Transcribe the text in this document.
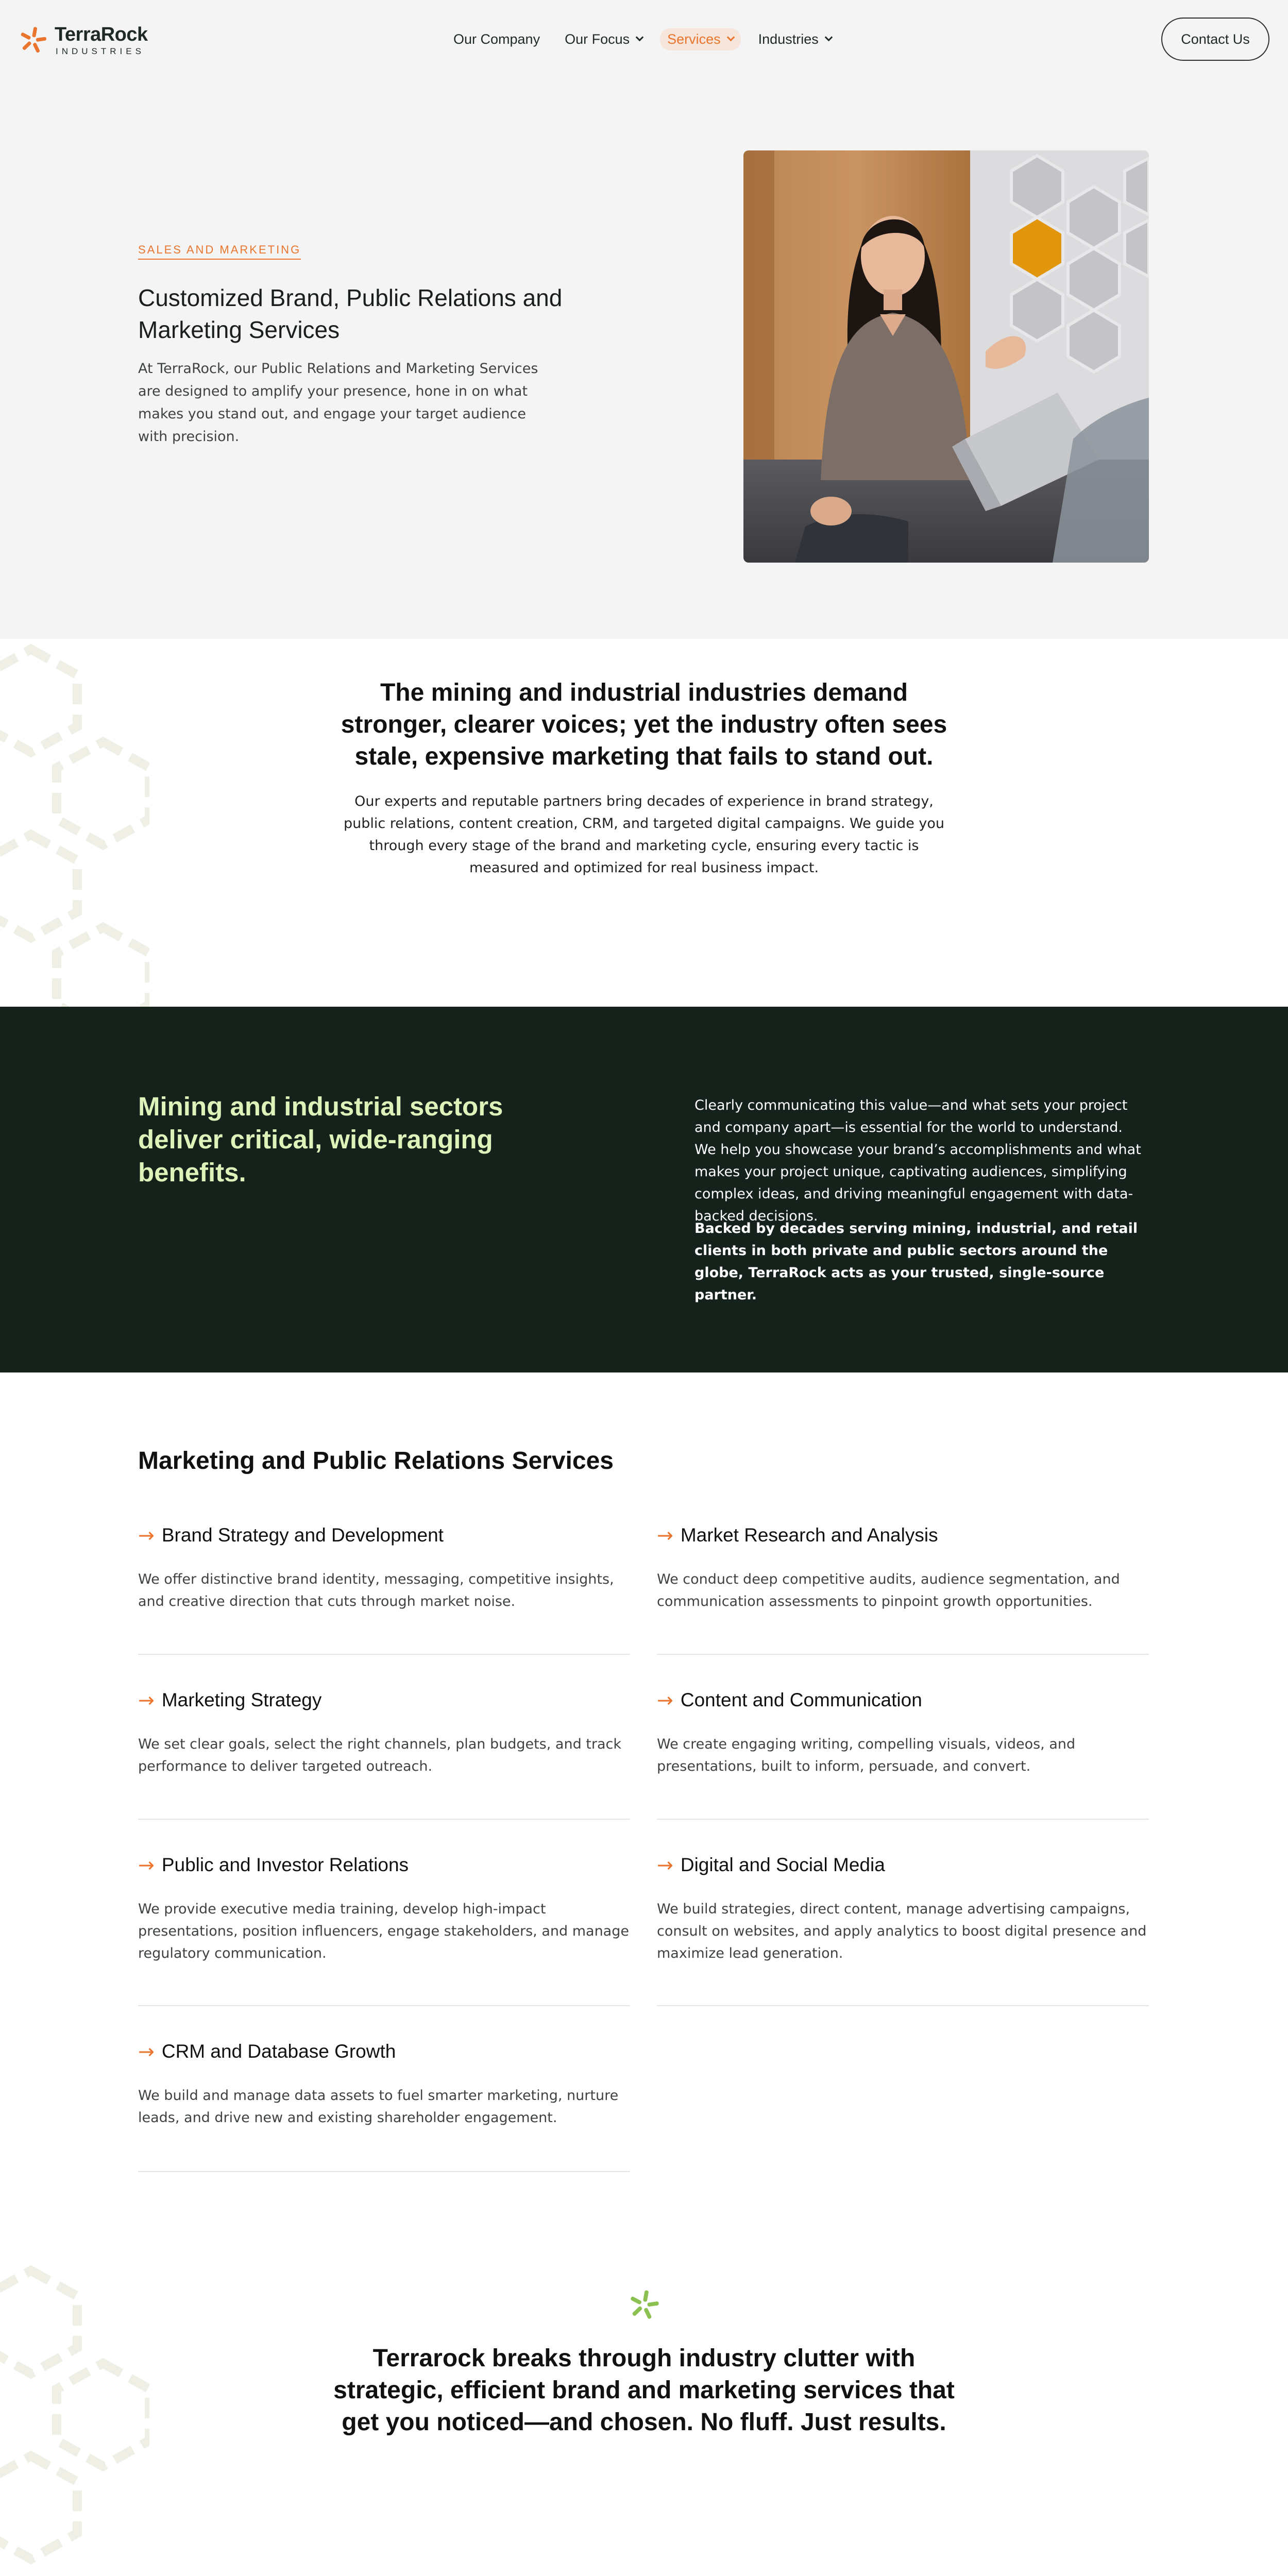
TerraRock
INDUSTRIES
Our Company Our Focus	Services	Industries	Contact Us
SALES AND MARKETING
Customized Brand, Public Relations and Marketing Services

At TerraRock, our Public Relations and Marketing Services are designed to amplify your presence, hone in on what makes you stand out, and engage your target audience with precision.

The mining and industrial industries demand stronger, clearer voices; yet the industry often sees stale, expensive marketing that fails to stand out.

Our experts and reputable partners bring decades of experience in brand strategy, public relations, content creation, CRM, and targeted digital campaigns. We guide you through every stage of the brand and marketing cycle, ensuring every tactic is measured and optimized for real business impact.

Mining and industrial sectors deliver critical, wide-ranging benefits.

Clearly communicating this value—and what sets your project and company apart—is essential for the world to understand. We help you showcase your brand’s accomplishments and what makes your project unique, captivating audiences, simplifying complex ideas, and driving meaningful engagement with data-backed decisions.

Backed by decades serving mining, industrial, and retail clients in both private and public sectors around the globe, TerraRock acts as your trusted, single-source partner.

Marketing and Public Relations Services
→ Brand Strategy and Development

We offer distinctive brand identity, messaging, competitive insights, and creative direction that cuts through market noise.

→ Market Research and Analysis

We conduct deep competitive audits, audience segmentation, and communication assessments to pinpoint growth opportunities.

→ Marketing Strategy

We set clear goals, select the right channels, plan budgets, and track performance to deliver targeted outreach.

→ Content and Communication

We create engaging writing, compelling visuals, videos, and presentations, built to inform, persuade, and convert.

→ Public and Investor Relations

We provide executive media training, develop high-impact presentations, position influencers, engage stakeholders, and manage regulatory communication.

→ Digital and Social Media

We build strategies, direct content, manage advertising campaigns, consult on websites, and apply analytics to boost digital presence and maximize lead generation.

→ CRM and Database Growth

We build and manage data assets to fuel smarter marketing, nurture leads, and drive new and existing shareholder engagement.

Terrarock breaks through industry clutter with strategic, efficient brand and marketing services that get you noticed—and chosen. No fluff. Just results.
